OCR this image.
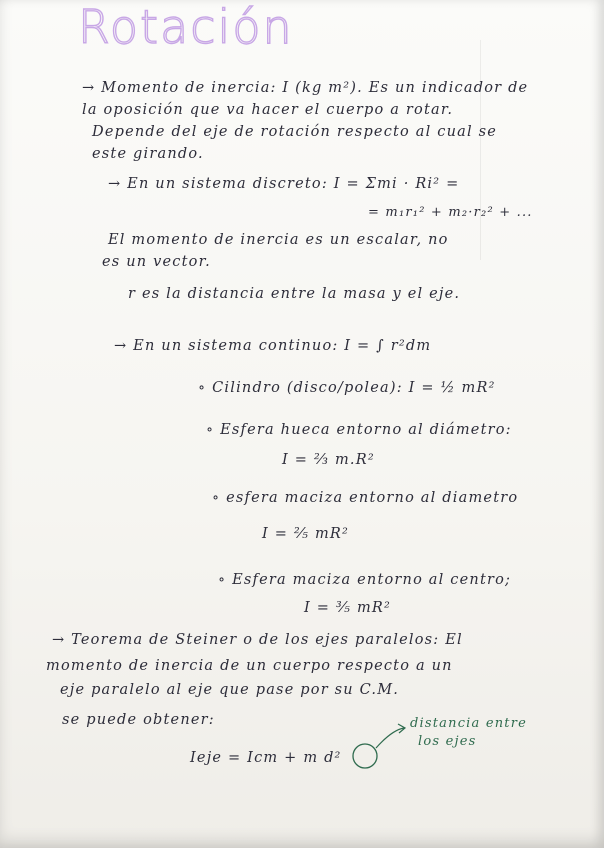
Rotación
→ Momento de inercia: I (kg m²). Es un indicador de
la oposición que va hacer el cuerpo a rotar.
Depende del eje de rotación respecto al cual se
este girando.
→ En un sistema discreto: I = Σmi · Ri² =
= m₁r₁² + m₂·r₂² + ...
El momento de inercia es un escalar, no
es un vector.
r es la distancia entre la masa y el eje.
→ En un sistema continuo: I = ∫ r²dm
∘ Cilindro (disco/polea): I = ½ mR²
∘ Esfera hueca entorno al diámetro:
I = ⅔ m.R²
∘ esfera maciza entorno al diametro
I = ⅖ mR²
∘ Esfera maciza entorno al centro;
I = ⅗ mR²
→ Teorema de Steiner o de los ejes paralelos: El
momento de inercia de un cuerpo respecto a un
eje paralelo al eje que pase por su C.M.
se puede obtener:
Ieje = Icm + m d²
distancia entre
los ejes
